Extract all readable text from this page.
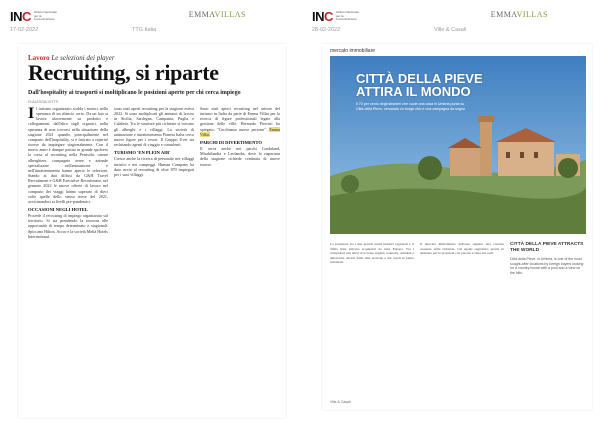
INC Istituto Nazionale per la Comunicazione
EMMAVILLAS
17-02-2022	TTG Italia
Lavoro Le selezioni dei player
Recruiting, si riparte
Dall'hospitality ai trasporti si moltiplicano le posizioni aperte per chi cerca impiego
DI ALESSIA GOTTI
I l turismo organizzato scalda i motori, nella speranza di un rilancio certo. Da un lato si lavora alacremente su prodotto e collegamenti, dall'altro sugli organici, nella speranza di non trovarsi nella situazione della stagione 2021 quando, principalmente nel comparto dell'hospitality, si è faticato a reperire risorse da impiegare stagionalmente. Con il nuovo anno è dunque partita in grande spolvero la corsa al recruiting nella Penisola: catene alberghiere, compagnie aeree e aziende specializzate nell'animazione e nell'intrattenimento hanno aperto le selezioni. Stando ai dati diffusi da G&H Travel Recruitment e G&H Executive Recruitment, nel gennaio 2022 le nuove offerte di lavoro nel comparto dei viaggi hanno superato di dieci volte quelle dello stesso mese del 2021, avvicinandosi ai livelli pre-pandemici.
OCCASIONI NEGLI HOTEL
Procede il recruiting di impiego organizzato sul territorio. Si sta prendendo la rincorsa alle opportunità di tempo determinato e stagionali. Spiccano Hilton, Accor e la società Meliá Hotels International.
sono stati aperti recruiting per la stagione estiva 2022. Si sono moltiplicati gli annunci di lavoro in Sicilia, Sardegna, Campania, Puglia e Calabria. Tra le strutture più richieste si trovano gli alberghi e i villaggi. La società di animazione e intrattenimento Pianeta Italia cerca nuove figure per i resort. Il Gruppo Uvet sta reclutando agenti di viaggio e consulenti.
TURISMO 'EN PLEIN AIR'
Cresce anche la ricerca di personale nei villaggi turistici e nei campeggi. Human Company ha dato avvio al recruiting di oltre 870 impiegati per i suoi villaggi.
Sono stati aperti recruiting nel settore del turismo in Italia da parte di Emma Villas per la ricerca di figure professionali legate alla gestione delle ville. Bernardo Piercini ha spiegato: "Cerchiamo nuove persone". Emma Villas
PARCHI DI DIVERTIMENTO
Il cerca anche nei parchi Gardaland, Mirabilandia e Leolandia, dove la riapertura della stagione richiede centinaia di nuove risorse.
INC Istituto Nazionale per la Comunicazione
EMMAVILLAS
28-02-2022	Ville & Casali
mercato immobiliare
CITTÀ DELLA PIEVE
ATTIRA IL MONDO
Il 70 per cento degli stranieri che vuole una casa in Umbria punta su Città della Pieve, cercando un borgo vivo e una campagna da sogno
La posizione tra i due grandi centri turistici regionali e il clima mite attirano acquirenti da tutta Europa. Tra i compratori più attivi si trovano inglesi, tedeschi, olandesi e americani, attratti dalle ville storiche e dai casali in pietra restaurati.
Il mercato immobiliare dell'area registra una crescita costante delle richieste. Gli agenti segnalano prezzi in aumento per le proprietà con piscina e vista sui colli.
CITTÀ DELLA PIEVE ATTRACTS THE WORLD
Città della Pieve, in Umbria, is one of the most sought-after locations by foreign buyers looking for a country house with a pool and a view on the hills.
Ville & Casali
